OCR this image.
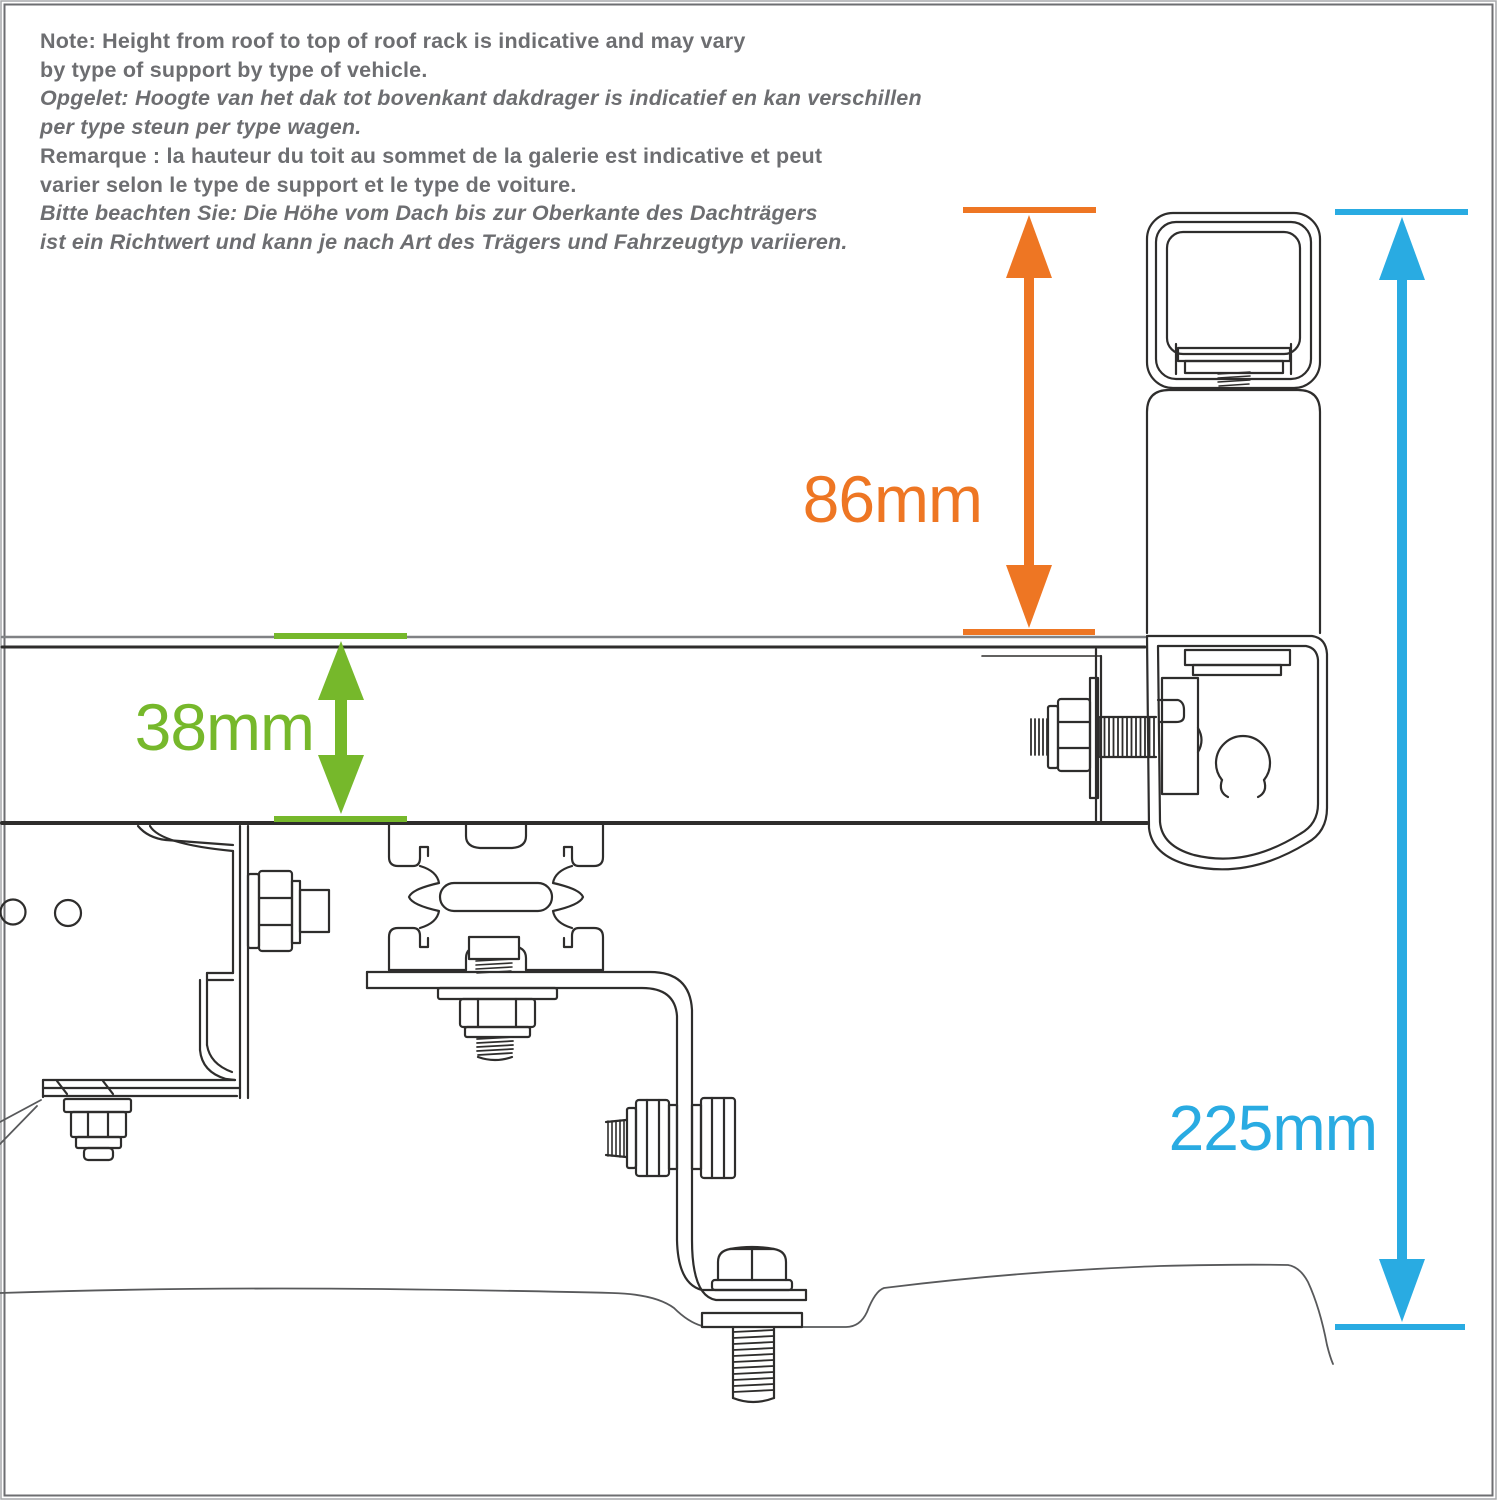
86mm
38mm
225mm
Note: Height from roof to top of roof rack is indicative and may vary
by type of support by type of vehicle.
Opgelet: Hoogte van het dak tot bovenkant dakdrager is indicatief en kan verschillen
per type steun per type wagen.
Remarque : la hauteur du toit au sommet de la galerie est indicative et peut
varier selon le type de support et le type de voiture.
Bitte beachten Sie: Die Höhe vom Dach bis zur Oberkante des Dachträgers
ist ein Richtwert und kann je nach Art des Trägers und Fahrzeugtyp variieren.
